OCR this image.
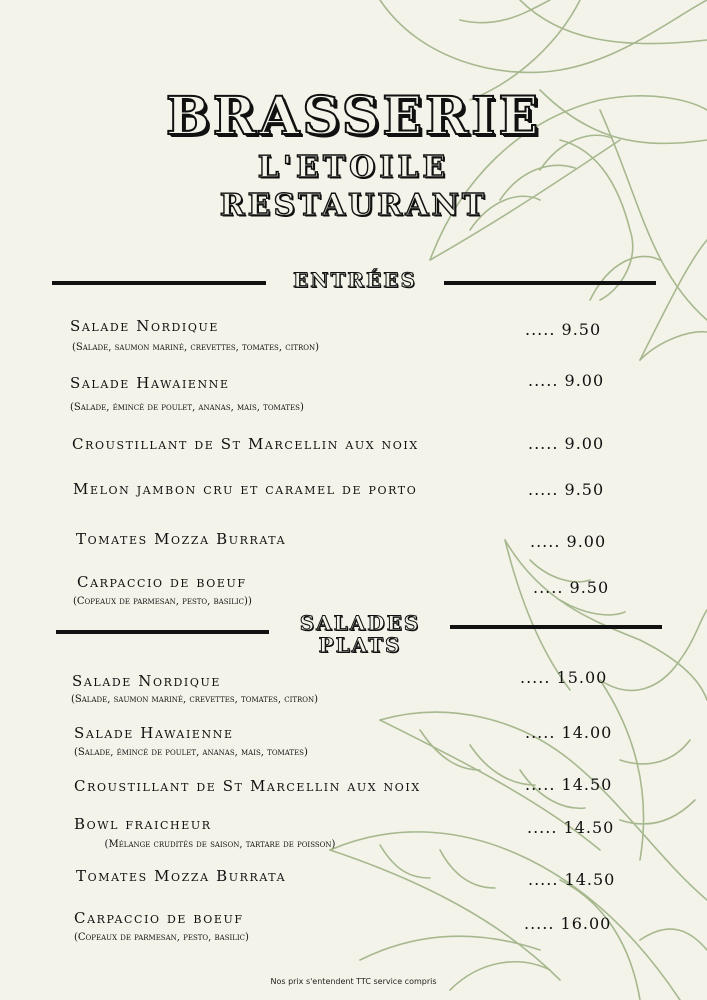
BRASSERIE
L'ETOILE
RESTAURANT
ENTRÉES
Salade Nordique
(Salade, saumon mariné, crevettes, tomates, citron)
..... 9.50
Salade Hawaienne
(Salade, émincé de poulet, ananas, mais, tomates)
..... 9.00
Croustillant de St Marcellin aux noix	..... 9.00
Melon jambon cru et caramel de porto	..... 9.50
Tomates Mozza Burrata	..... 9.00
Carpaccio de boeuf
(Copeaux de parmesan, pesto, basilic))
..... 9.50
SALADES
PLATS
Salade Nordique
(Salade, saumon mariné, crevettes, tomates, citron)
..... 15.00
Salade Hawaienne
(Salade, émincé de poulet, ananas, mais, tomates)
..... 14.00
Croustillant de St Marcellin aux noix	..... 14.50
Bowl fraicheur
(Mélange crudités de saison, tartare de poisson)
..... 14.50
Tomates Mozza Burrata	..... 14.50
Carpaccio de boeuf
(Copeaux de parmesan, pesto, basilic)
..... 16.00
Nos prix s'entendent TTC service compris
